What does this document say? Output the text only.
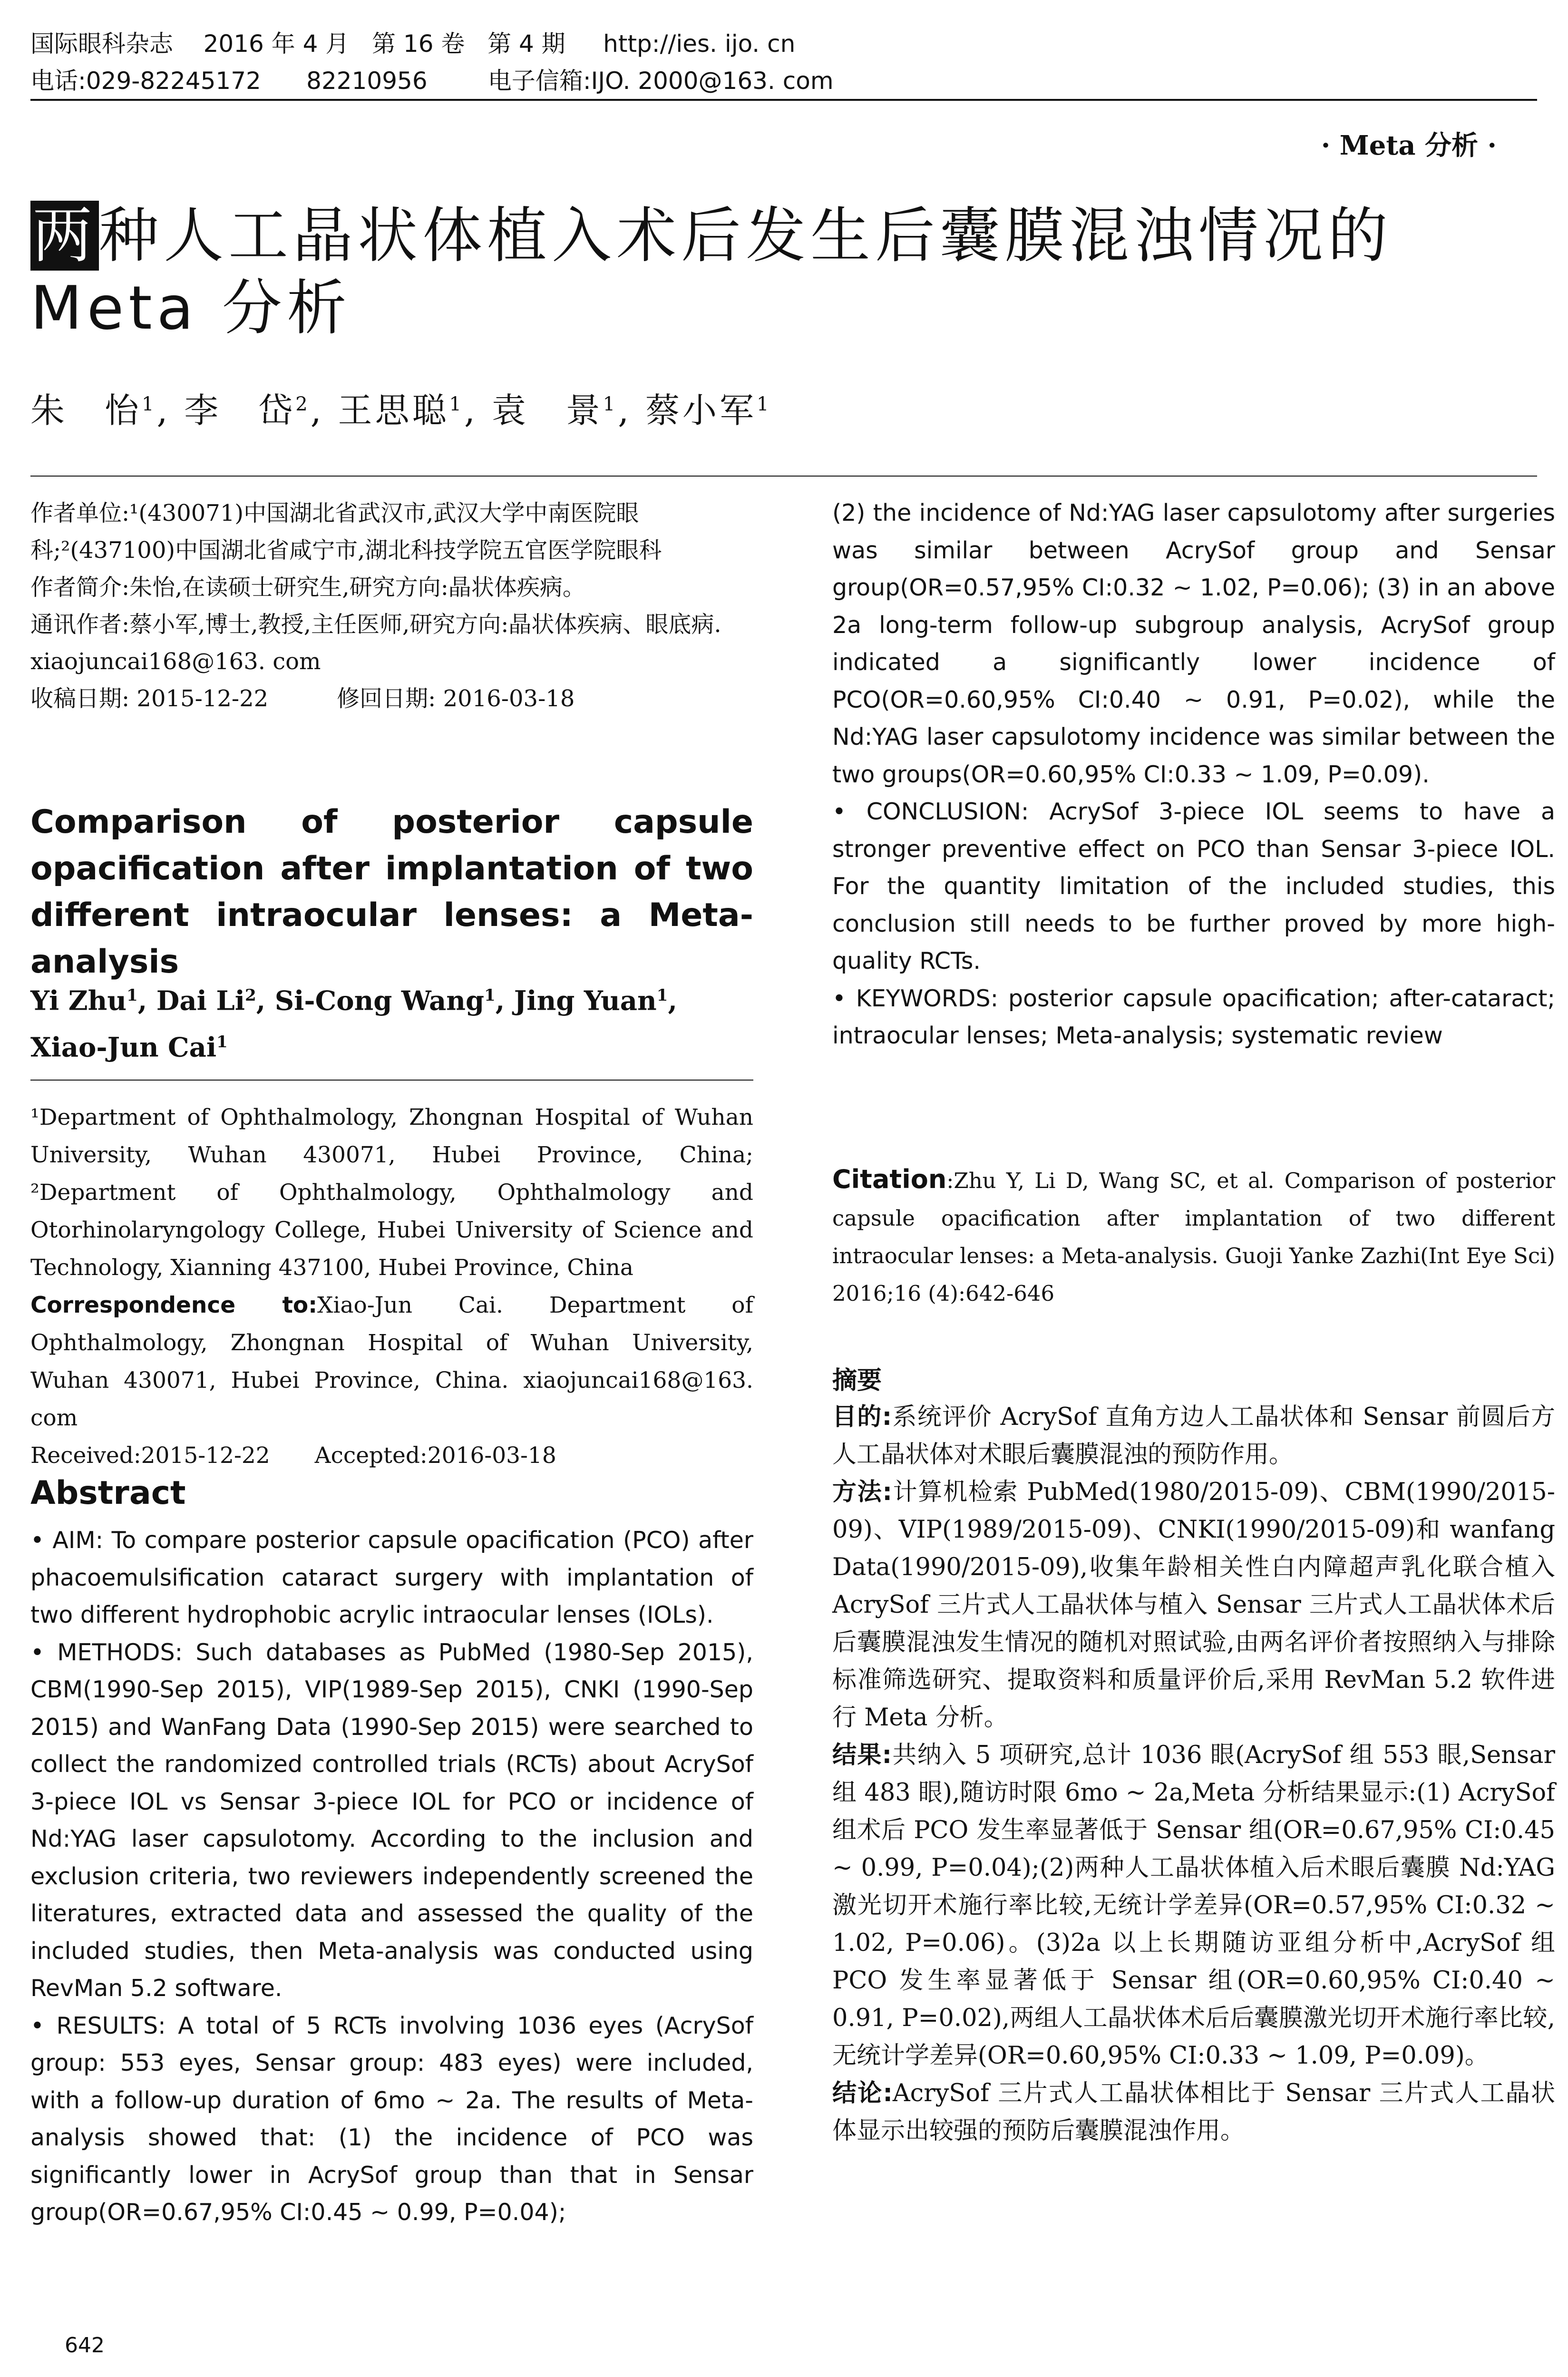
国际眼科杂志    2016 年 4 月   第 16 卷   第 4 期     http://ies. ijo. cn
电话:029-82245172      82210956        电子信箱:IJO. 2000@163. com
· Meta 分析 ·
两种人工晶状体植入术后发生后囊膜混浊情况的 Meta 分析
朱　怡$^1$, 李　岱$^2$, 王思聪$^1$, 袁　景$^1$, 蔡小军$^1$

作者单位:¹(430071)中国湖北省武汉市,武汉大学中南医院眼科;²(437100)中国湖北省咸宁市,湖北科技学院五官医学院眼科

作者简介:朱怡,在读硕士研究生,研究方向:晶状体疾病。

通讯作者:蔡小军,博士,教授,主任医师,研究方向:晶状体疾病、眼底病. xiaojuncai168@163. com

收稿日期: 2015-12-22　　　修回日期: 2016-03-18

Comparison of posterior capsule opacification after implantation of two different intraocular lenses: a Meta-analysis
Yi Zhu$^1$, Dai Li$^2$, Si-Cong Wang$^1$, Jing Yuan$^1$, Xiao-Jun Cai$^1$

¹Department of Ophthalmology, Zhongnan Hospital of Wuhan University, Wuhan 430071, Hubei Province, China; ²Department of Ophthalmology, Ophthalmology and Otorhinolaryngology College, Hubei University of Science and Technology, Xianning 437100, Hubei Province, China

Correspondence to:Xiao-Jun Cai. Department of Ophthalmology, Zhongnan Hospital of Wuhan University, Wuhan 430071, Hubei Province, China. xiaojuncai168@163. com

Received:2015-12-22　　Accepted:2016-03-18

Abstract

• AIM: To compare posterior capsule opacification (PCO) after phacoemulsification cataract surgery with implantation of two different hydrophobic acrylic intraocular lenses (IOLs).

• METHODS: Such databases as PubMed (1980-Sep 2015), CBM(1990-Sep 2015), VIP(1989-Sep 2015), CNKI (1990-Sep 2015) and WanFang Data (1990-Sep 2015) were searched to collect the randomized controlled trials (RCTs) about AcrySof 3-piece IOL vs Sensar 3-piece IOL for PCO or incidence of Nd:YAG laser capsulotomy. According to the inclusion and exclusion criteria, two reviewers independently screened the literatures, extracted data and assessed the quality of the included studies, then Meta-analysis was conducted using RevMan 5.2 software.

• RESULTS: A total of 5 RCTs involving 1036 eyes (AcrySof group: 553 eyes, Sensar group: 483 eyes) were included, with a follow-up duration of 6mo ~ 2a. The results of Meta-analysis showed that: (1) the incidence of PCO was significantly lower in AcrySof group than that in Sensar group(OR=0.67,95% CI:0.45 ~ 0.99, P=0.04);

642

(2) the incidence of Nd:YAG laser capsulotomy after surgeries was similar between AcrySof group and Sensar group(OR=0.57,95% CI:0.32 ~ 1.02, P=0.06); (3) in an above 2a long-term follow-up subgroup analysis, AcrySof group indicated a significantly lower incidence of PCO(OR=0.60,95% CI:0.40 ~ 0.91, P=0.02), while the Nd:YAG laser capsulotomy incidence was similar between the two groups(OR=0.60,95% CI:0.33 ~ 1.09, P=0.09).

• CONCLUSION: AcrySof 3-piece IOL seems to have a stronger preventive effect on PCO than Sensar 3-piece IOL. For the quantity limitation of the included studies, this conclusion still needs to be further proved by more high-quality RCTs.

• KEYWORDS: posterior capsule opacification; after-cataract; intraocular lenses; Meta-analysis; systematic review

Citation:Zhu Y, Li D, Wang SC, et al. Comparison of posterior capsule opacification after implantation of two different intraocular lenses: a Meta-analysis. Guoji Yanke Zazhi(Int Eye Sci) 2016;16 (4):642-646
摘要

目的:系统评价 AcrySof 直角方边人工晶状体和 Sensar 前圆后方人工晶状体对术眼后囊膜混浊的预防作用。

方法:计算机检索 PubMed(1980/2015-09)、CBM(1990/2015-09)、VIP(1989/2015-09)、CNKI(1990/2015-09)和 wanfang Data(1990/2015-09),收集年龄相关性白内障超声乳化联合植入 AcrySof 三片式人工晶状体与植入 Sensar 三片式人工晶状体术后后囊膜混浊发生情况的随机对照试验,由两名评价者按照纳入与排除标准筛选研究、提取资料和质量评价后,采用 RevMan 5.2 软件进行 Meta 分析。

结果:共纳入 5 项研究,总计 1036 眼(AcrySof 组 553 眼,Sensar 组 483 眼),随访时限 6mo ~ 2a,Meta 分析结果显示:(1) AcrySof 组术后 PCO 发生率显著低于 Sensar 组(OR=0.67,95% CI:0.45 ~ 0.99, P=0.04);(2)两种人工晶状体植入后术眼后囊膜 Nd:YAG 激光切开术施行率比较,无统计学差异(OR=0.57,95% CI:0.32 ~ 1.02, P=0.06)。(3)2a 以上长期随访亚组分析中,AcrySof 组 PCO 发生率显著低于 Sensar 组(OR=0.60,95% CI:0.40 ~ 0.91, P=0.02),两组人工晶状体术后后囊膜激光切开术施行率比较,无统计学差异(OR=0.60,95% CI:0.33 ~ 1.09, P=0.09)。

结论:AcrySof 三片式人工晶状体相比于 Sensar 三片式人工晶状体显示出较强的预防后囊膜混浊作用。
